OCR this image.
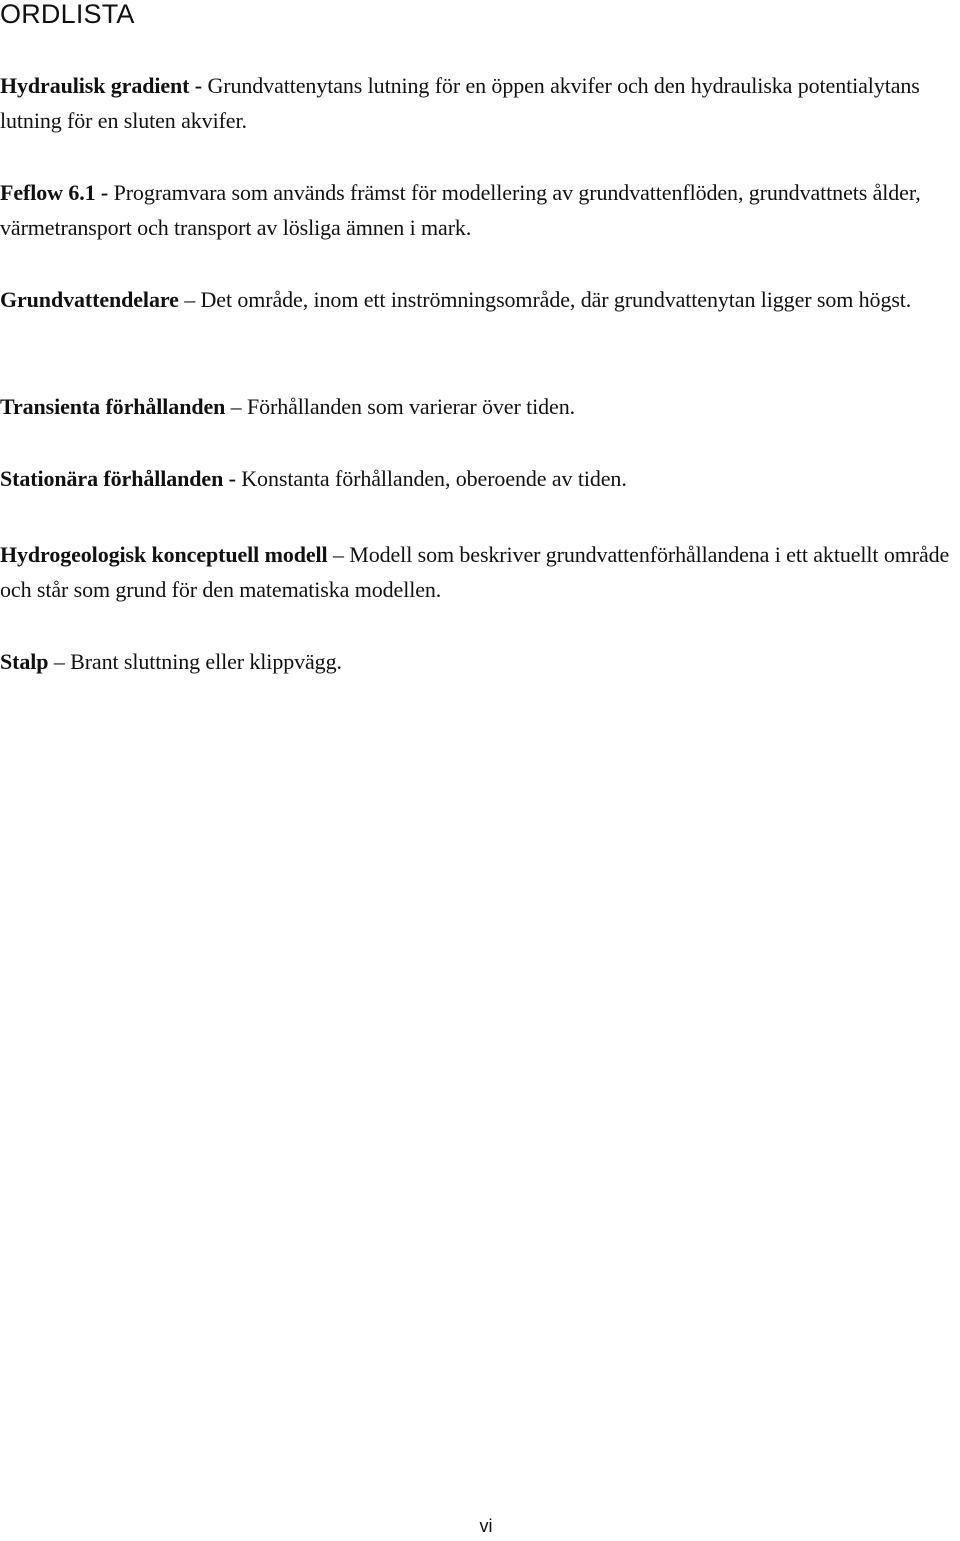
ORDLISTA

Hydraulisk gradient - Grundvattenytans lutning för en öppen akvifer och den hydrauliska potentialytans lutning för en sluten akvifer.

Feflow 6.1 - Programvara som används främst för modellering av grundvattenflöden, grundvattnets ålder, värmetransport och transport av lösliga ämnen i mark.

Grundvattendelare – Det område, inom ett inströmningsområde, där grundvattenytan ligger som högst.

Transienta förhållanden – Förhållanden som varierar över tiden.

Stationära förhållanden - Konstanta förhållanden, oberoende av tiden.

Hydrogeologisk konceptuell modell – Modell som beskriver grundvattenförhållandena i ett aktuellt område och står som grund för den matematiska modellen.

Stalp – Brant sluttning eller klippvägg.

vi
